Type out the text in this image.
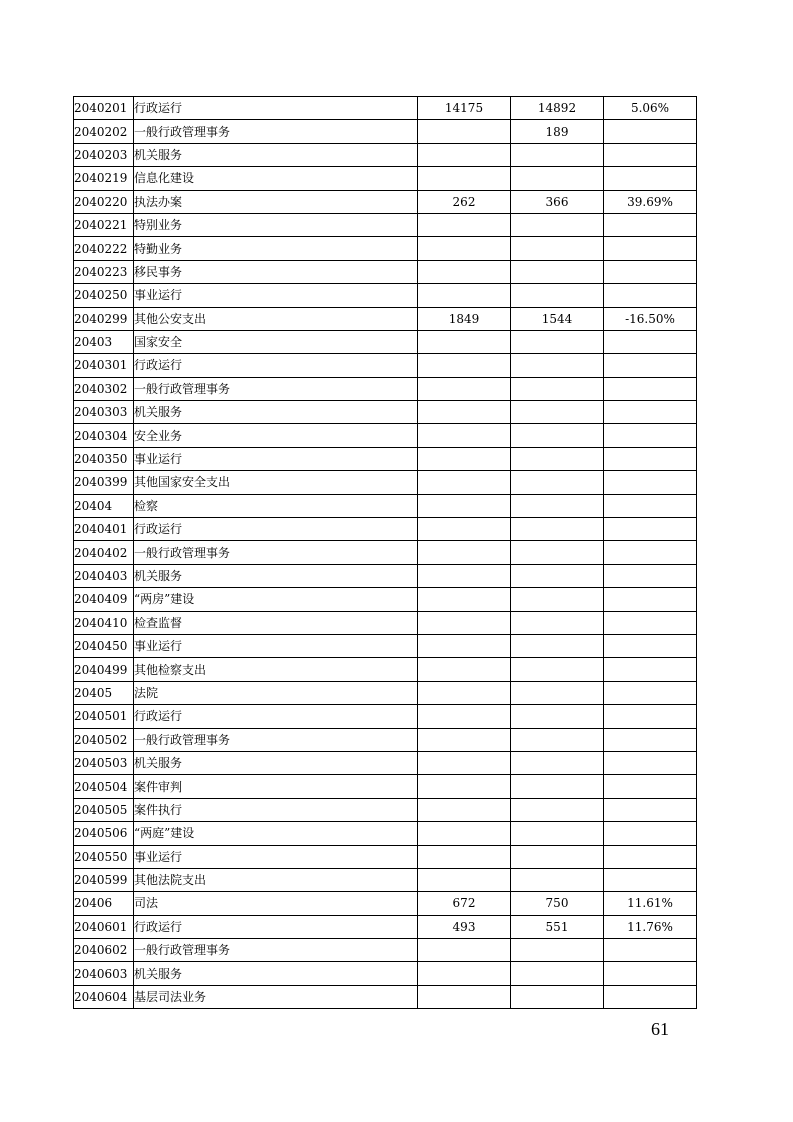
2040201	行政运行	14175	14892	5.06%
2040202	一般行政管理事务		189	
2040203	机关服务			
2040219	信息化建设			
2040220	执法办案	262	366	39.69%
2040221	特别业务			
2040222	特勤业务			
2040223	移民事务			
2040250	事业运行			
2040299	其他公安支出	1849	1544	-16.50%
20403	国家安全			
2040301	行政运行			
2040302	一般行政管理事务			
2040303	机关服务			
2040304	安全业务			
2040350	事业运行			
2040399	其他国家安全支出			
20404	检察			
2040401	行政运行			
2040402	一般行政管理事务			
2040403	机关服务			
2040409	“两房”建设			
2040410	检查监督			
2040450	事业运行			
2040499	其他检察支出			
20405	法院			
2040501	行政运行			
2040502	一般行政管理事务			
2040503	机关服务			
2040504	案件审判			
2040505	案件执行			
2040506	“两庭”建设			
2040550	事业运行			
2040599	其他法院支出			
20406	司法	672	750	11.61%
2040601	行政运行	493	551	11.76%
2040602	一般行政管理事务			
2040603	机关服务			
2040604	基层司法业务			
61
